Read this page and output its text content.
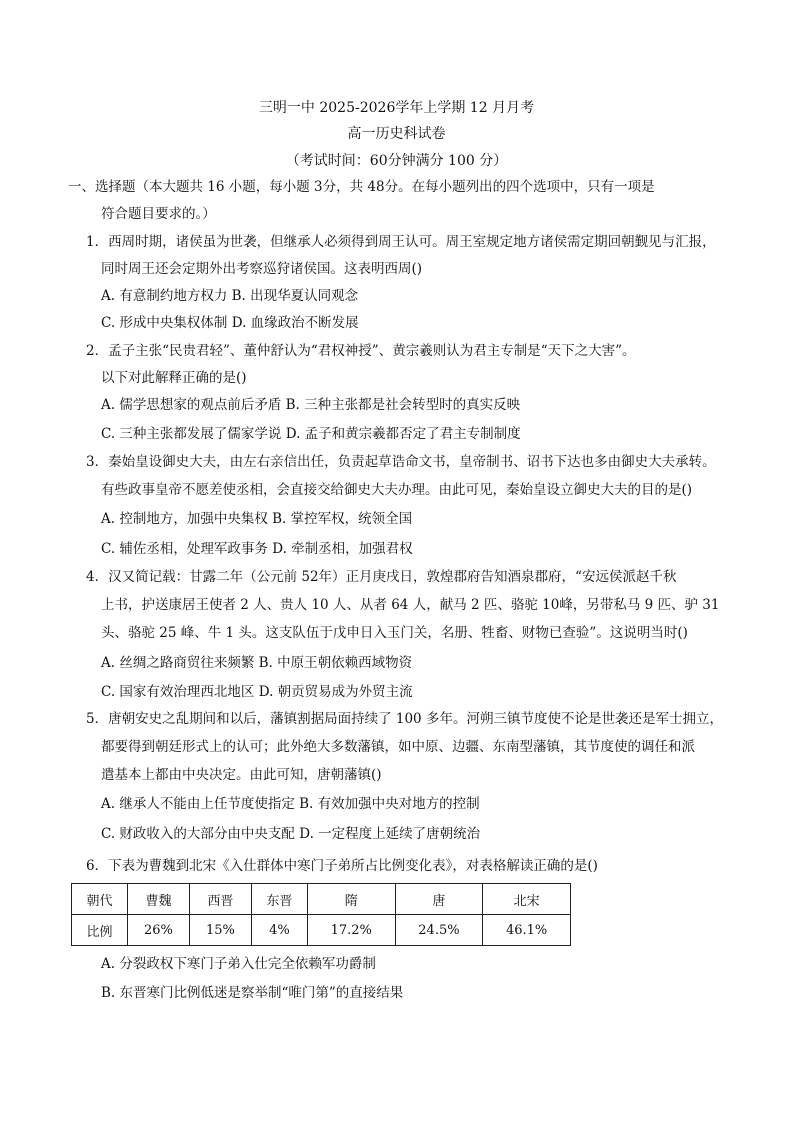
三明一中 2025-2026学年上学期 12 月月考
高一历史科试卷
（考试时间：60分钟满分 100 分）
一、选择题（本大题共 16 小题，每小题 3分，共 48分。在每小题列出的四个选项中，只有一项是
符合题目要求的。）
1．西周时期，诸侯虽为世袭，但继承人必须得到周王认可。周王室规定地方诸侯需定期回朝觐见与汇报，
同时周王还会定期外出考察巡狩诸侯国。这表明西周()
A. 有意制约地方权力 B. 出现华夏认同观念
C. 形成中央集权体制 D. 血缘政治不断发展
2．孟子主张“民贵君轻”、董仲舒认为“君权神授”、黄宗羲则认为君主专制是“天下之大害”。
以下对此解释正确的是()
A. 儒学思想家的观点前后矛盾 B. 三种主张都是社会转型时的真实反映
C. 三种主张都发展了儒家学说 D. 孟子和黄宗羲都否定了君主专制制度
3．秦始皇设御史大夫，由左右亲信出任，负责起草诰命文书，皇帝制书、诏书下达也多由御史大夫承转。
有些政事皇帝不愿差使丞相，会直接交给御史大夫办理。由此可见，秦始皇设立御史大夫的目的是()
A. 控制地方，加强中央集权 B. 掌控军权，统领全国
C. 辅佐丞相，处理军政事务 D. 牵制丞相，加强君权
4．汉又简记载：甘露二年（公元前 52年）正月庚戌日，敦煌郡府告知酒泉郡府，“安远侯派赵千秋
上书，护送康居王使者 2 人、贵人 10 人、从者 64 人，献马 2 匹、骆驼 10峰，另带私马 9 匹、驴 31
头、骆驼 25 峰、牛 1 头。这支队伍于戊申日入玉门关，名册、牲畜、财物已查验”。这说明当时()
A. 丝绸之路商贸往来频繁 B. 中原王朝依赖西域物资
C. 国家有效治理西北地区 D. 朝贡贸易成为外贸主流
5．唐朝安史之乱期间和以后，藩镇割据局面持续了 100 多年。河朔三镇节度使不论是世袭还是军士拥立，
都要得到朝廷形式上的认可；此外绝大多数藩镇，如中原、边疆、东南型藩镇，其节度使的调任和派
遣基本上都由中央决定。由此可知，唐朝藩镇()
A. 继承人不能由上任节度使指定 B. 有效加强中央对地方的控制
C. 财政收入的大部分由中央支配 D. 一定程度上延续了唐朝统治
6．下表为曹魏到北宋《入仕群体中寒门子弟所占比例变化表》，对表格解读正确的是()
朝代	曹魏	西晋	东晋	隋	唐	北宋
比例	26%	15%	4%	17.2%	24.5%	46.1%
A. 分裂政权下寒门子弟入仕完全依赖军功爵制
B. 东晋寒门比例低迷是察举制“唯门第”的直接结果
